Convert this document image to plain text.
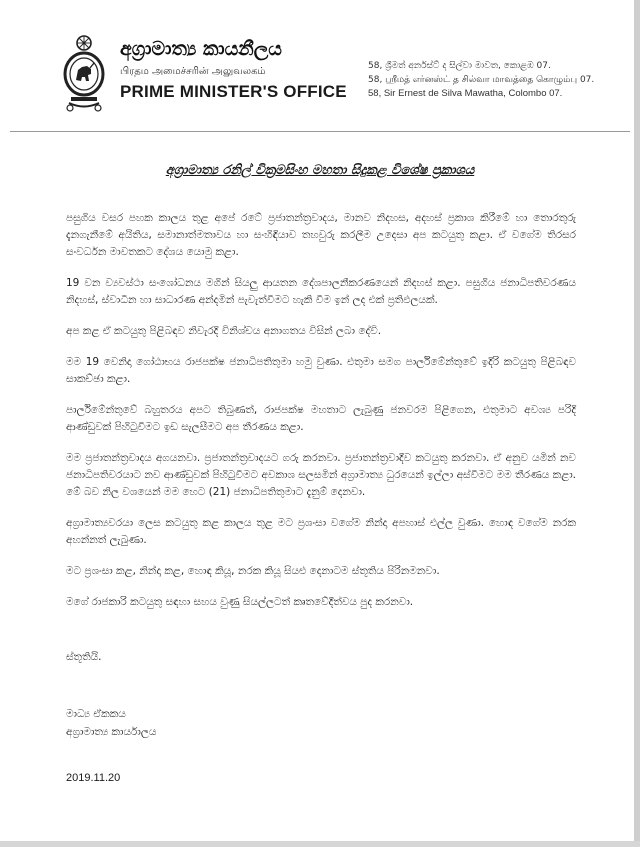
අග්‍රාමාත්‍ය කායනීලය
பிரதம அமைச்சரின் அலுவலகம்
PRIME MINISTER'S OFFICE
58, ශ්‍රීමත් අර්නස්ට් ද සිල්වා මාවත, කොළඹ 07.
58, ஸ்ரீமத் எர்னஸ்ட் த சில்வா மாவத்தை கொழும்பு 07.
58, Sir Ernest de Silva Mawatha, Colombo 07.
අග්‍රාමාත්‍ය රනිල් වික්‍රමසිංහ මහතා සිදුකළ විශේෂ ප්‍රකාශය

පසුගිය වසර පහක කාලය තුළ අපේ රටේ ප්‍රජාතන්ත්‍රවාදය, මානව නිදහස, අදහස් ප්‍රකාශ කිරීමේ හා තොරතුරු දැනගැනීමේ අයිතිය, සමානාත්මතාවය හා සංහිඳියාව තහවුරු කරලීම උදෙසා අප කටයුතු කළා. ඒ වගේම තිරසර සංවර්ධන මාවතකට දේශය යොමු කළා.

19 වන ව්‍යවස්ථා සංශෝධනය මගින් සියලු ආයතන දේශපාලනීකරණයෙන් නිදහස් කළා. පසුගිය ජනාධිපතිවරණය නිදහස්, ස්වාධීන හා සාධාරණ අන්දමින් පැවැත්වීමට හැකි වීම ඉන් ලද එක් ප්‍රතිඵලයක්.

අප කළ ඒ කටයුතු පිළිබඳව නිවැරදි විනිශ්චය අනාගතය විසින් ලබා දේවි.

මම 19 වෙනිදා ගෝඨාභය රාජපක්ෂ ජනාධිපතිතුමා හමු වුණා. එතුමා සමග පාර්ලිමේන්තුවේ ඉදිරි කටයුතු පිළිබඳව සාකච්ඡා කළා.

පාර්ලිමේන්තුවේ බහුතරය අපට තිබුණත්, රාජපක්ෂ මහතාට ලැබුණු ජනවරම පිළිගෙන, එතුමාට අවශ්‍ය පරිදි ආණ්ඩුවක් පිහිටුවීමට ඉඩ සැලසීමට අප තීරණය කළා.

මම ප්‍රජාතන්ත්‍රවාදය අගයනවා. ප්‍රජාතන්ත්‍රවාදයට ගරු කරනවා. ප්‍රජාතන්ත්‍රවාදීව කටයුතු කරනවා. ඒ අනුව යමින් නව ජනාධිපතිවරයාට නව ආණ්ඩුවක් පිහිටුවීමට අවකාශ සලසමින් අග්‍රාමාත්‍ය ධුරයෙන් ඉල්ලා අස්වීමට මම තීරණය කළා. මේ බව නිල වශයෙන් මම හෙට (21) ජනාධිපතිතුමාට දැනුම් දෙනවා.

අග්‍රාමාත්‍යවරයා ලෙස කටයුතු කළ කාලය තුළ මට ප්‍රශංසා වගේම නින්දා අපහාස් එල්ල වුණා. හොඳ වගේම නරක අහන්නත් ලැබුණා.

මට ප්‍රශංසා කළ, නින්දා කළ, හොඳ කියූ, නරක කියූ සියළු දෙනාටම ස්තූතිය පිරිනමනවා.

මගේ රාජකාරි කටයුතු සඳහා සහය වුණු සියල්ලටත් කෘතවේදීත්වය පුද කරනවා.

ස්තූතියි.
මාධ්‍ය ඒකකය
අග්‍රාමාත්‍ය කාර්යාලය
2019.11.20
